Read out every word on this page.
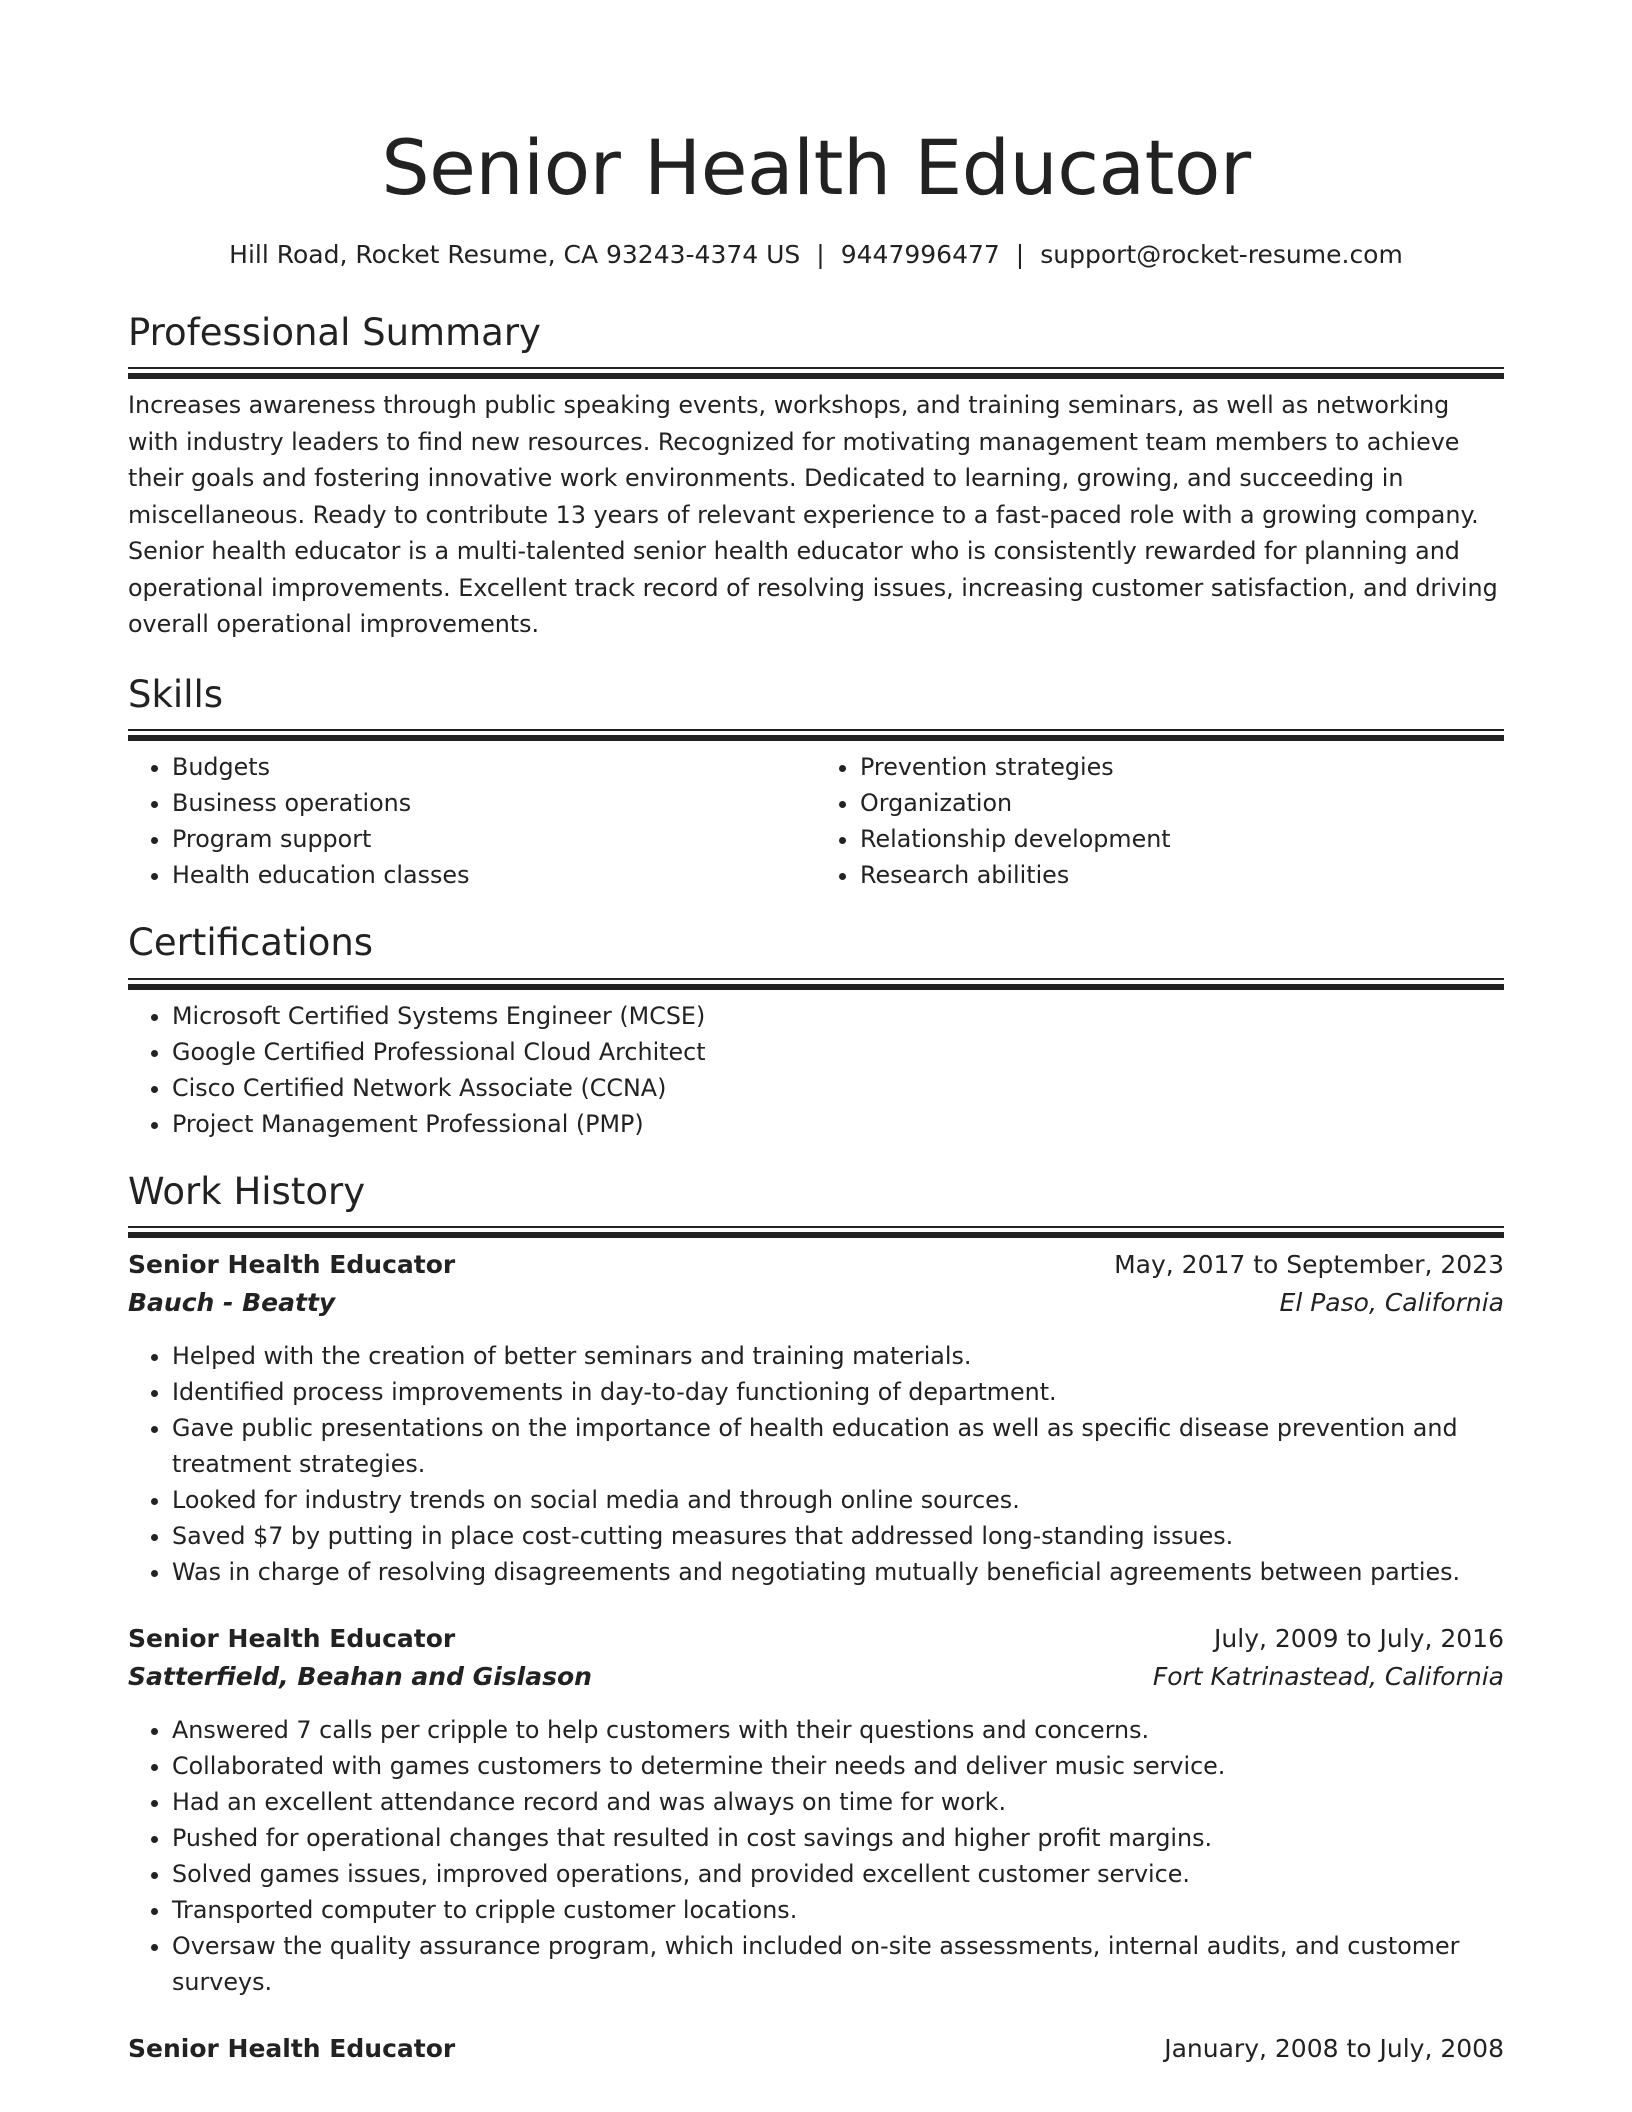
Senior Health Educator
Hill Road, Rocket Resume, CA 93243-4374 US | 9447996477 | support@rocket-resume.com
Professional Summary

Increases awareness through public speaking events, workshops, and training seminars, as well as networking with industry leaders to find new resources. Recognized for motivating management team members to achieve their goals and fostering innovative work environments. Dedicated to learning, growing, and succeeding in miscellaneous. Ready to contribute 13 years of relevant experience to a fast-paced role with a growing company. Senior health educator is a multi-talented senior health educator who is consistently rewarded for planning and operational improvements. Excellent track record of resolving issues, increasing customer satisfaction, and driving overall operational improvements.

Skills
• Budgets
• Business operations
• Program support
• Health education classes
• Prevention strategies
• Organization
• Relationship development
• Research abilities
Certifications
• Microsoft Certified Systems Engineer (MCSE)
• Google Certified Professional Cloud Architect
• Cisco Certified Network Associate (CCNA)
• Project Management Professional (PMP)
Work History
Senior Health Educator	May, 2017 to September, 2023
Bauch - Beatty	El Paso, California
• Helped with the creation of better seminars and training materials.
• Identified process improvements in day-to-day functioning of department.
• Gave public presentations on the importance of health education as well as specific disease prevention and treatment strategies.
• Looked for industry trends on social media and through online sources.
• Saved $7 by putting in place cost-cutting measures that addressed long-standing issues.
• Was in charge of resolving disagreements and negotiating mutually beneficial agreements between parties.
Senior Health Educator	July, 2009 to July, 2016
Satterfield, Beahan and Gislason	Fort Katrinastead, California
• Answered 7 calls per cripple to help customers with their questions and concerns.
• Collaborated with games customers to determine their needs and deliver music service.
• Had an excellent attendance record and was always on time for work.
• Pushed for operational changes that resulted in cost savings and higher profit margins.
• Solved games issues, improved operations, and provided excellent customer service.
• Transported computer to cripple customer locations.
• Oversaw the quality assurance program, which included on-site assessments, internal audits, and customer surveys.
Senior Health Educator	January, 2008 to July, 2008
